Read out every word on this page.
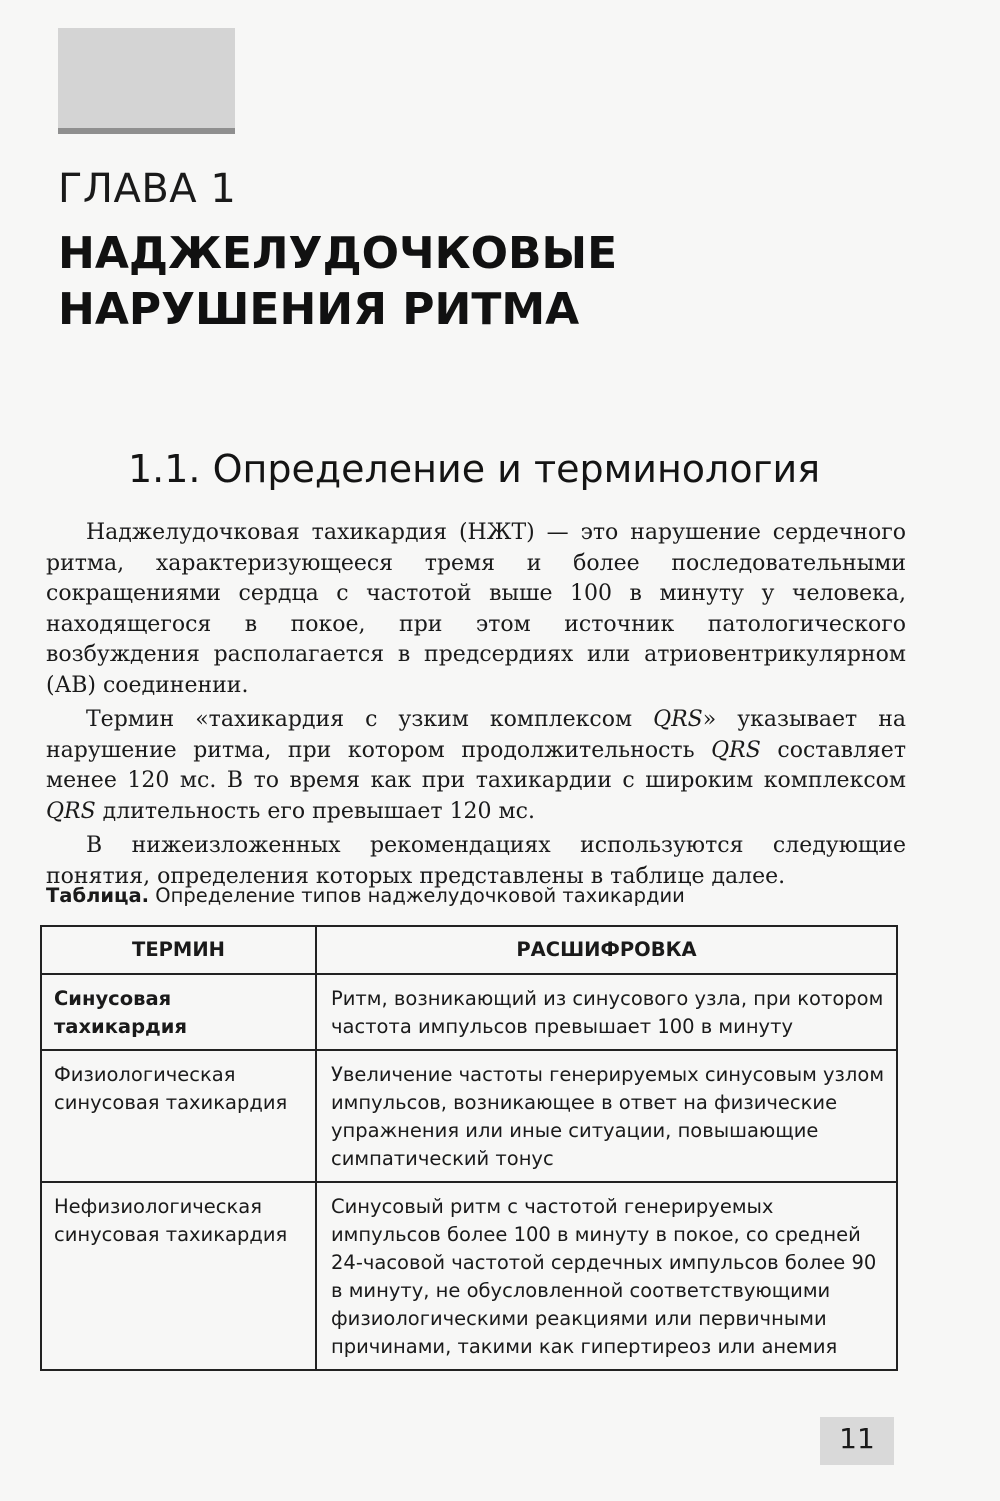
ГЛАВА 1
НАДЖЕЛУДОЧКОВЫЕ
НАРУШЕНИЯ РИТМА
1.1. Определение и терминология

Наджелудочковая тахикардия (НЖТ) — это нарушение сердечного ритма, характеризующееся тремя и более последовательными сокращениями сердца с частотой выше 100 в минуту у человека, находящегося в покое, при этом источник патологического возбуждения располагается в предсердиях или атриовентрикулярном (АВ) соединении.

Термин «тахикардия с узким комплексом QRS» указывает на нарушение ритма, при котором продолжительность QRS составляет менее 120 мс. В то время как при тахикардии с широким комплексом QRS длительность его превышает 120 мс.

В нижеизложенных рекомендациях используются следующие понятия, определения которых представлены в таблице далее.

Таблица. Определение типов наджелудочковой тахикардии
ТЕРМИН	РАСШИФРОВКА
Синусовая тахикардия	Ритм, возникающий из синусового узла, при котором частота импульсов превышает 100 в минуту
Физиологическая синусовая тахикардия	Увеличение частоты генерируемых синусовым узлом импульсов, возникающее в ответ на физические упражнения или иные ситуации, повышающие симпатический тонус
Нефизиологическая синусовая тахикардия	Синусовый ритм с частотой генерируемых импульсов более 100 в минуту в покое, со средней 24-часовой частотой сердечных импульсов более 90 в минуту, не обусловленной соответствующими физиологическими реакциями или первичными причинами, такими как гипертиреоз или анемия
11
